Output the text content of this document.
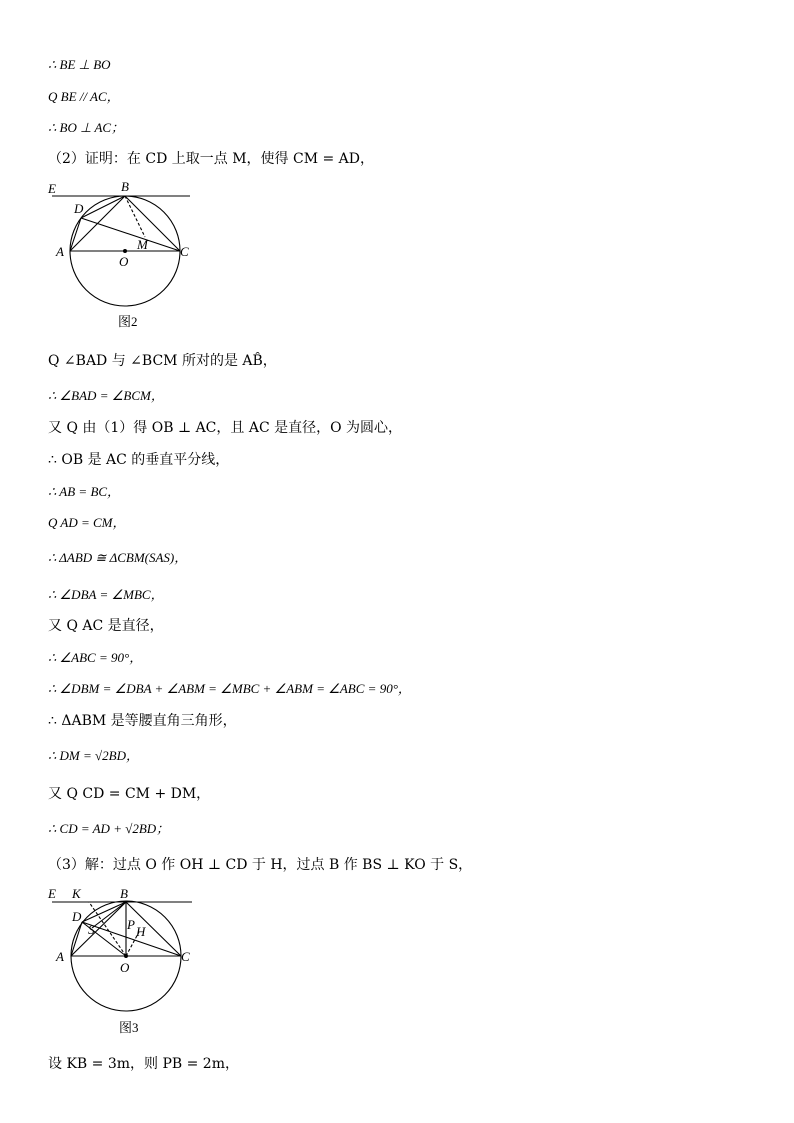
∴ BE ⊥ BO
Q BE // AC，
∴ BO ⊥ AC；
（2）证明：在 CD 上取一点 M，使得 CM = AD，
E	B
D
A	M
O
C
图2
Q ∠BAD 与 ∠BCM 所对的是 AB̂，
∴ ∠BAD = ∠BCM，
又 Q 由（1）得 OB ⊥ AC，且 AC 是直径，O 为圆心，
∴ OB 是 AC 的垂直平分线，
∴ AB = BC，
Q AD = CM，
∴ ΔABD ≅ ΔCBM(SAS)，
∴ ∠DBA = ∠MBC，
又 Q AC 是直径，
∴ ∠ABC = 90°，
∴ ∠DBM = ∠DBA + ∠ABM = ∠MBC + ∠ABM = ∠ABC = 90°，
∴ ΔABM 是等腰直角三角形，
∴ DM = √2BD，
又 Q CD = CM + DM，
∴ CD = AD + √2BD；
（3）解：过点 O 作 OH ⊥ CD 于 H，过点 B 作 BS ⊥ KO 于 S，
E K	B
D
S	P H
A
O
C
图3
设 KB = 3m，则 PB = 2m，
